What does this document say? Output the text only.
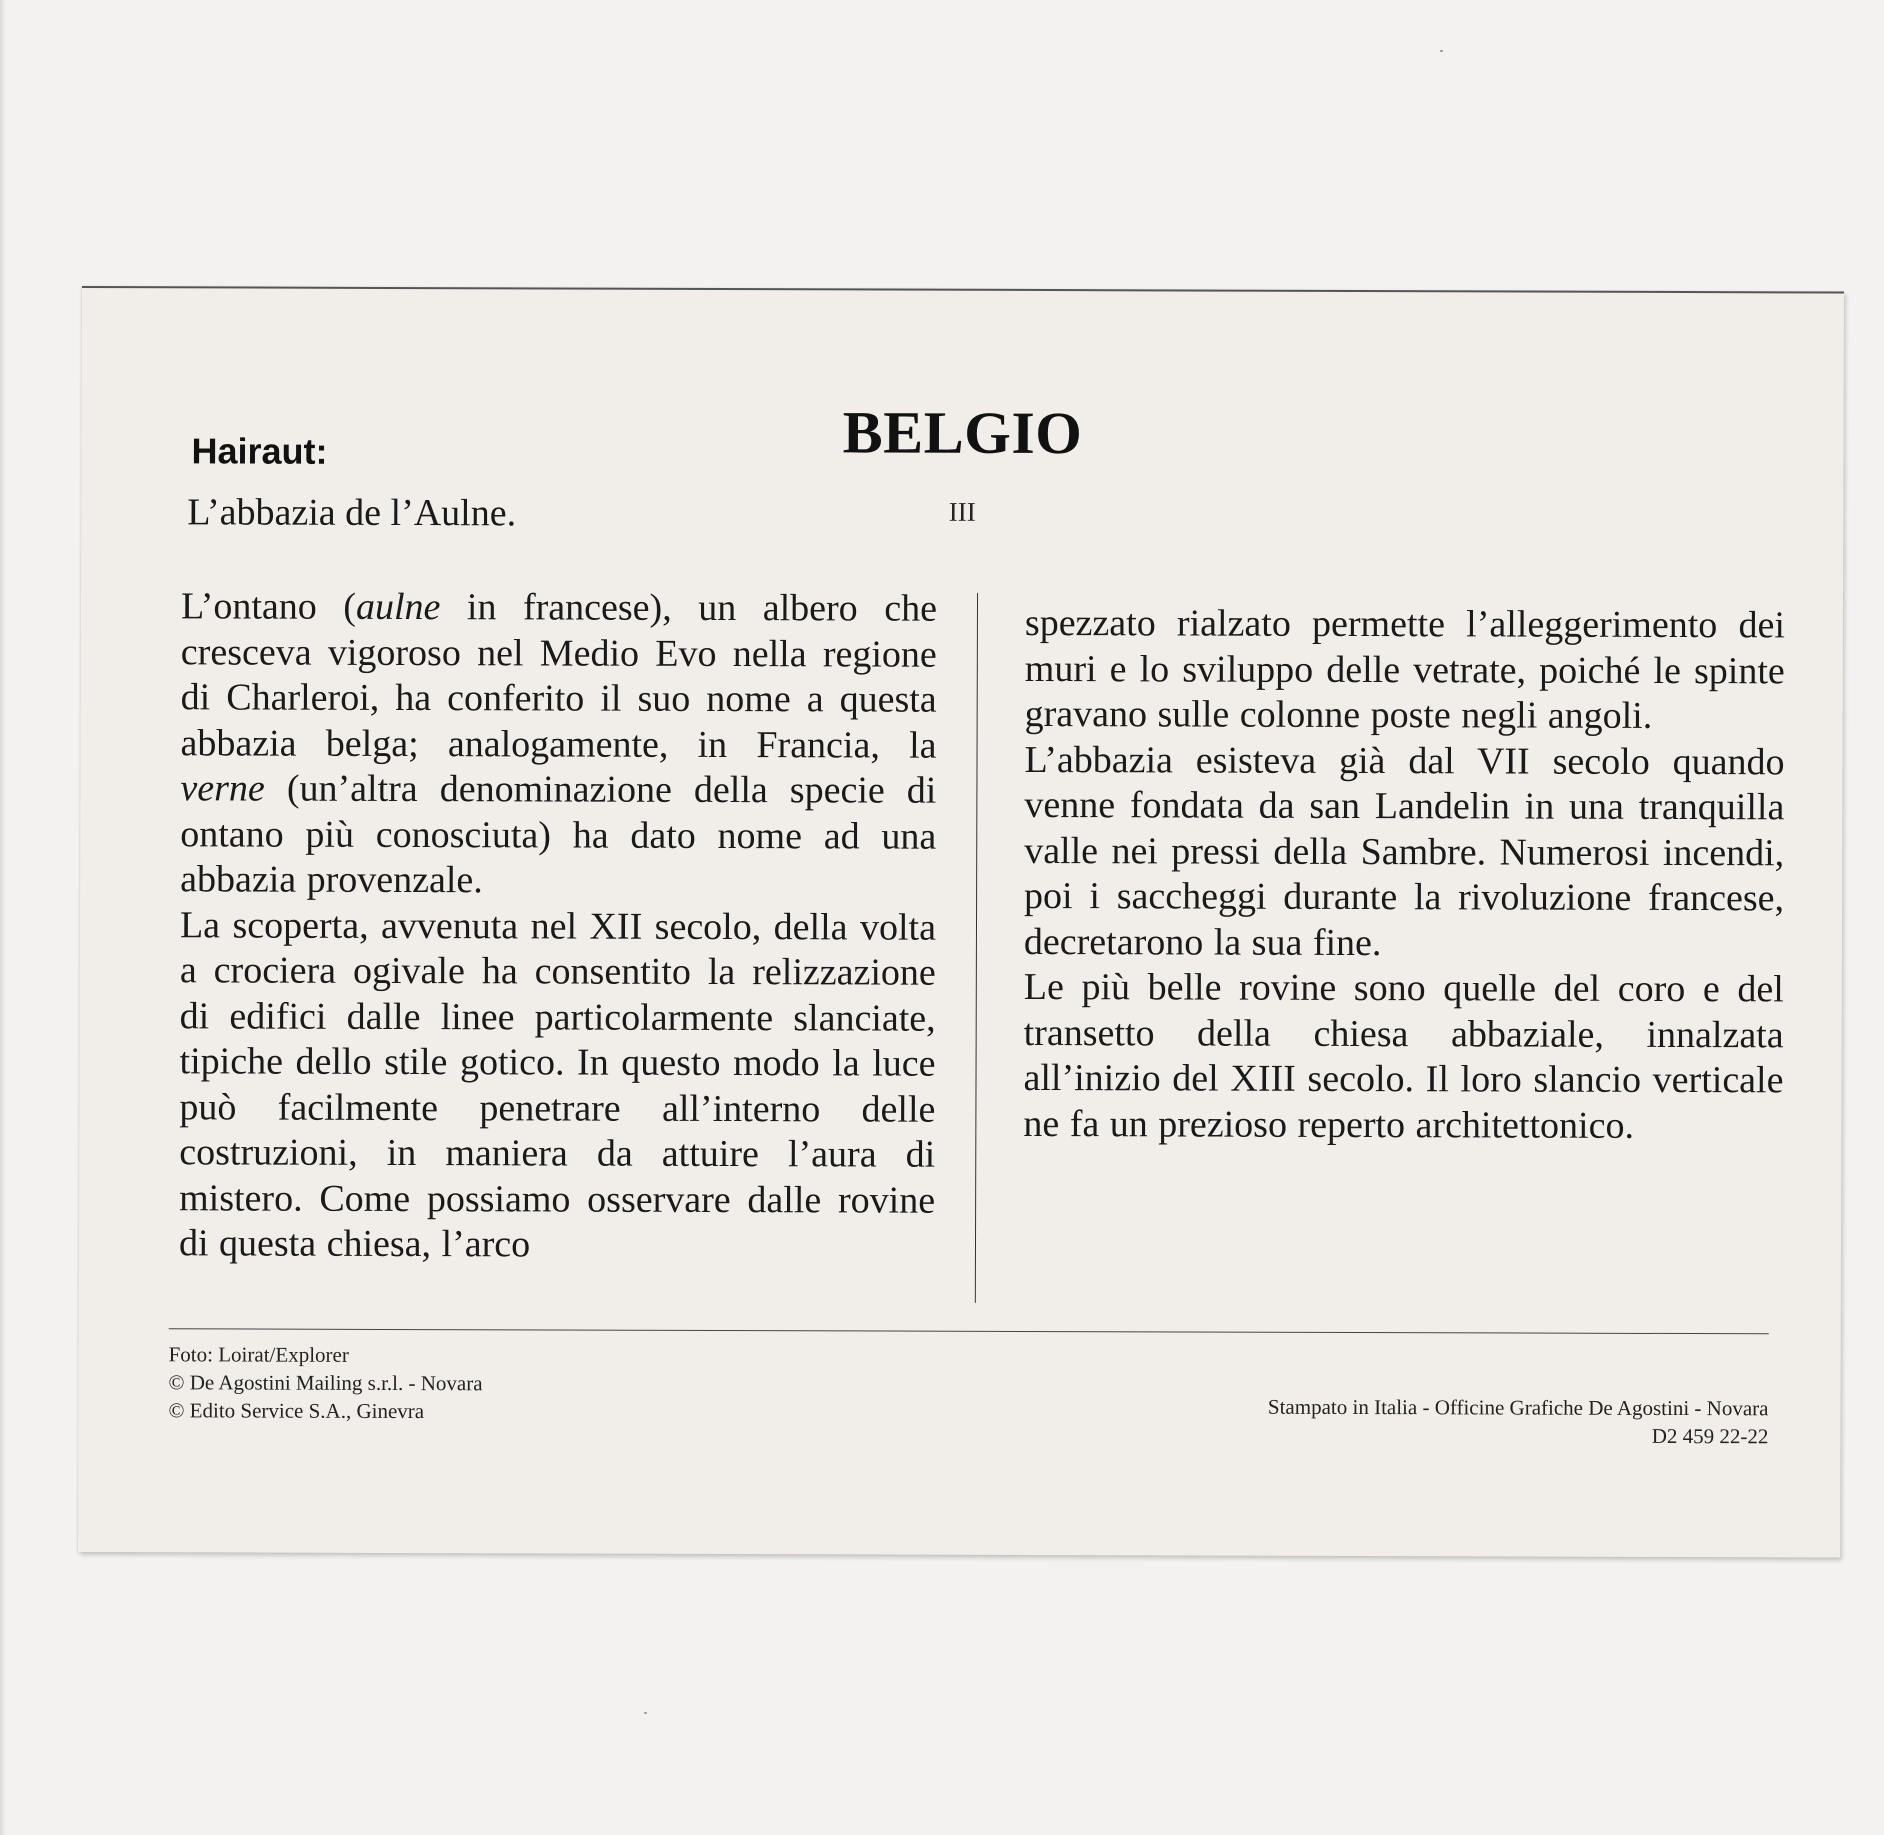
BELGIO
Hairaut:
L’abbazia de l’Aulne.	III

L’ontano (aulne in francese), un albero che cresceva vigoroso nel Medio Evo nella regione di Charleroi, ha conferito il suo nome a questa abbazia belga; analogamente, in Francia, la verne (un’altra denominazione della specie di ontano più conosciuta) ha dato nome ad una abbazia provenzale.

La scoperta, avvenuta nel XII secolo, della volta a crociera ogivale ha consentito la relizzazione di edifici dalle linee particolarmente slanciate, tipiche dello stile gotico. In questo modo la luce può facilmente penetrare all’interno delle costruzioni, in maniera da attuire l’aura di mistero. Come possiamo osservare dalle rovine di questa chiesa, l’arco

spezzato rialzato permette l’alleggerimento dei muri e lo sviluppo delle vetrate, poiché le spinte gravano sulle colonne poste negli angoli.

L’abbazia esisteva già dal VII secolo quando venne fondata da san Landelin in una tranquilla valle nei pressi della Sambre. Numerosi incendi, poi i saccheggi durante la rivoluzione francese, decretarono la sua fine.

Le più belle rovine sono quelle del coro e del transetto della chiesa abbaziale, innalzata all’inizio del XIII secolo. Il loro slancio verticale ne fa un prezioso reperto architettonico.

Foto: Loirat/Explorer
© De Agostini Mailing s.r.l. - Novara
© Edito Service S.A., Ginevra	Stampato in Italia - Officine Grafiche De Agostini - Novara
D2 459 22-22
